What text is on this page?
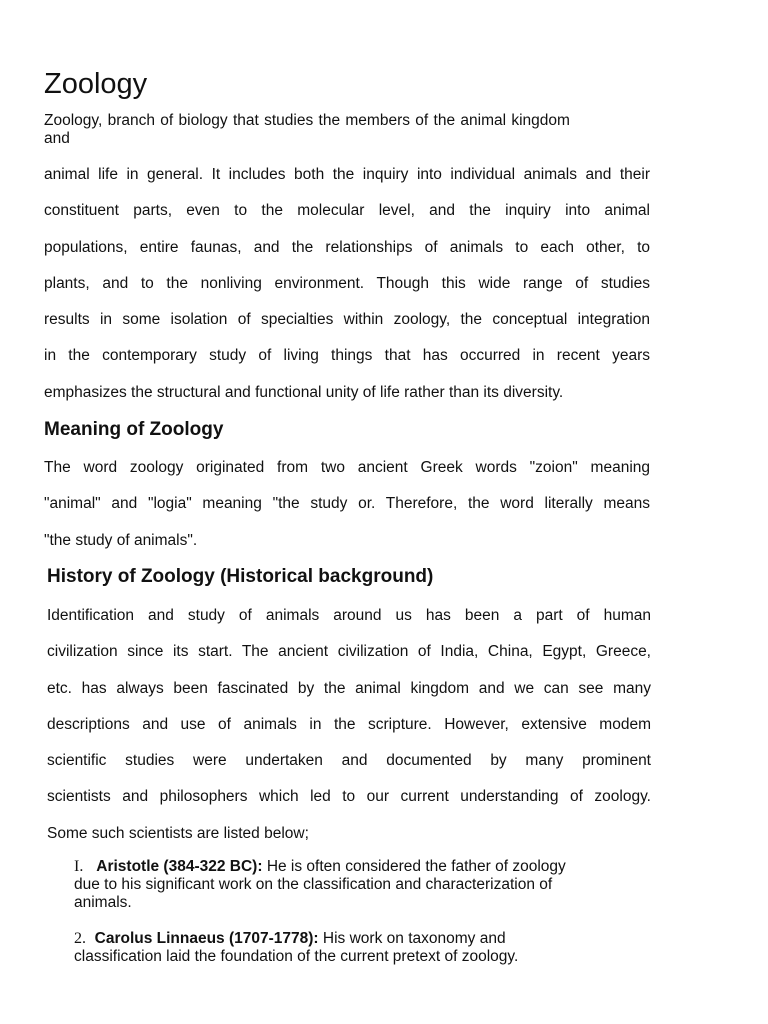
Zoology

Zoology, branch of biology that studies the members of the animal kingdom
and

animal life in general. It includes both the inquiry into individual animals and their
constituent parts, even to the molecular level, and the inquiry into animal
populations, entire faunas, and the relationships of animals to each other, to
plants, and to the nonliving environment. Though this wide range of studies
results in some isolation of specialties within zoology, the conceptual integration
in the contemporary study of living things that has occurred in recent years
emphasizes the structural and functional unity of life rather than its diversity.

Meaning of Zoology

The word zoology originated from two ancient Greek words "zoion" meaning
"animal" and "logia" meaning "the study or. Therefore, the word literally means
"the study of animals".

History of Zoology (Historical background)

Identification and study of animals around us has been a part of human
civilization since its start. The ancient civilization of India, China, Egypt, Greece,
etc. has always been fascinated by the animal kingdom and we can see many
descriptions and use of animals in the scripture. However, extensive modem
scientific studies were undertaken and documented by many prominent
scientists and philosophers which led to our current understanding of zoology.
Some such scientists are listed below;

I. Aristotle (384-322 BC): He is often considered the father of zoology
due to his significant work on the classification and characterization of
animals.
2. Carolus Linnaeus (1707-1778): His work on taxonomy and
classification laid the foundation of the current pretext of zoology.
